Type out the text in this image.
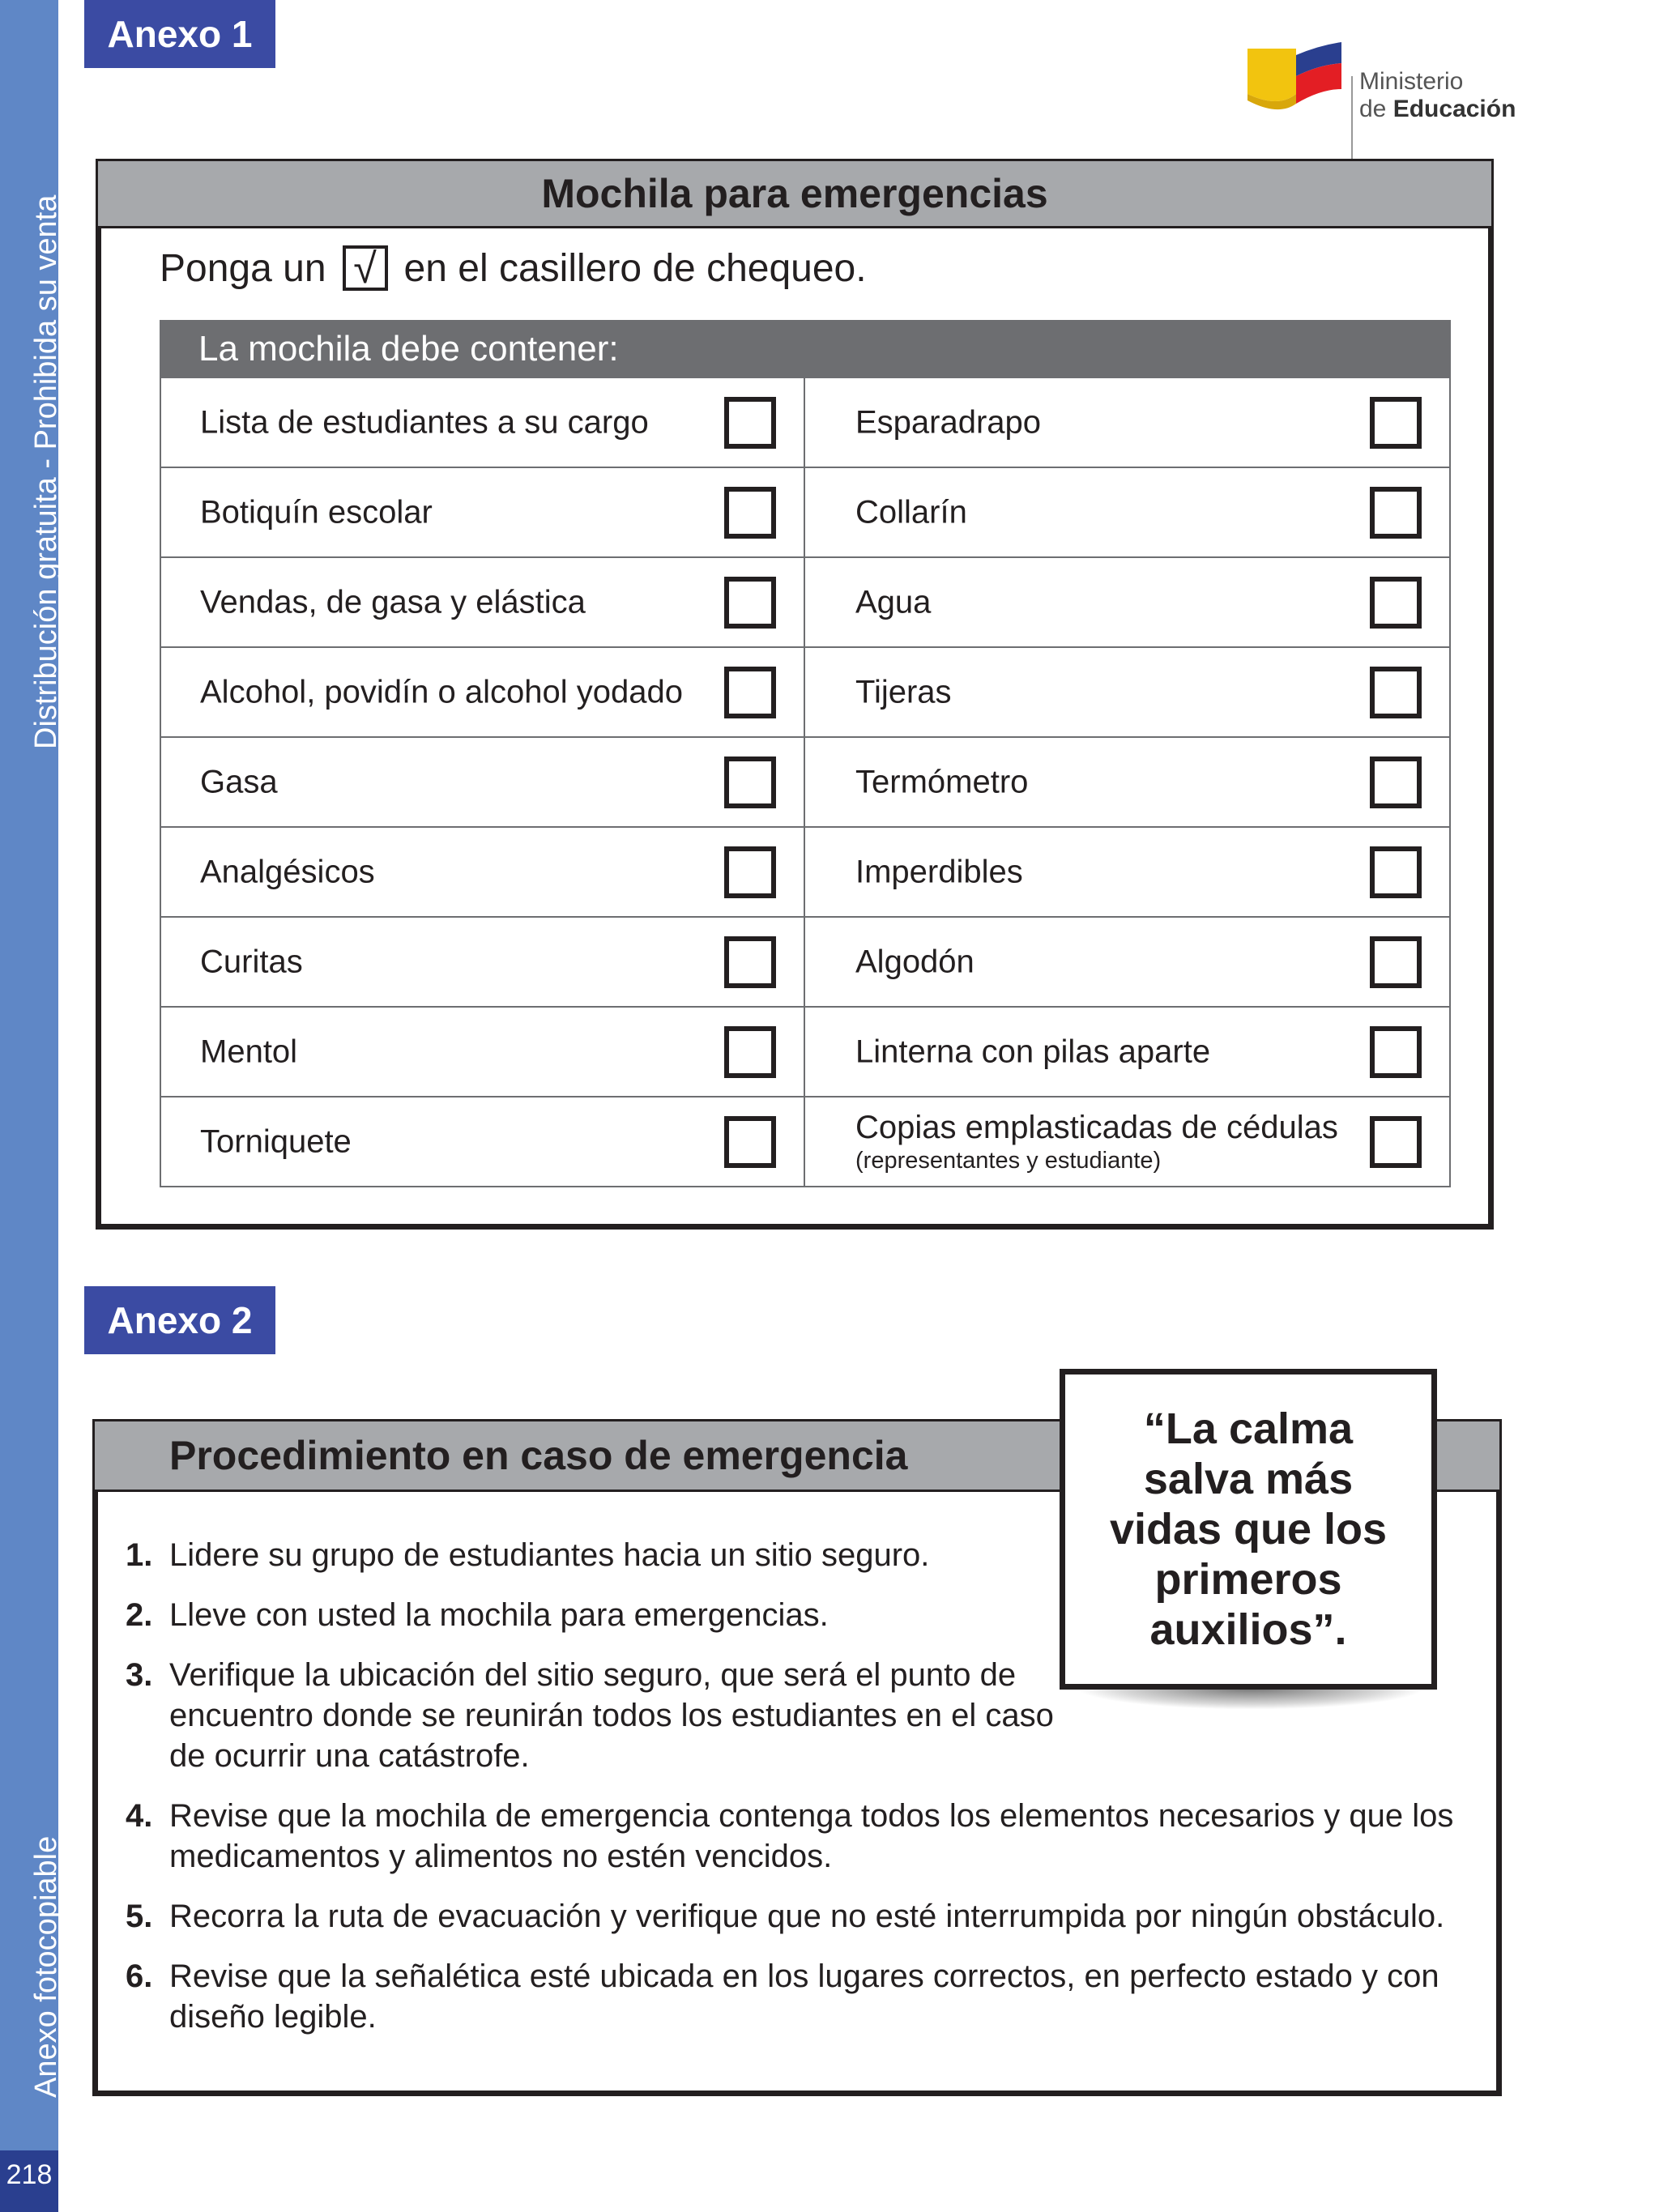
Distribución gratuita - Prohibida su venta
Anexo fotocopiable
218
Anexo 1
Ministerio
de Educación
Mochila para emergencias
Ponga un √ en el casillero de chequeo.
La mochila debe contener:
Lista de estudiantes a su cargo	Esparadrapo
Botiquín escolar	Collarín
Vendas, de gasa y elástica	Agua
Alcohol, povidín o alcohol yodado	Tijeras
Gasa	Termómetro
Analgésicos	Imperdibles
Curitas	Algodón
Mentol	Linterna con pilas aparte
Torniquete	Copias emplasticadas de cédulas
(representantes y estudiante)
Anexo 2
Procedimiento en caso de emergencia
1. Lidere su grupo de estudiantes hacia un sitio seguro.
2. Lleve con usted la mochila para emergencias.
3. Verifique la ubicación del sitio seguro, que será el punto de encuentro donde se reunirán todos los estudiantes en el caso de ocurrir una catástrofe.
4. Revise que la mochila de emergencia contenga todos los elementos necesarios y que los medicamentos y alimentos no estén vencidos.
5. Recorra la ruta de evacuación y verifique que no esté interrumpida por ningún obstáculo.
6. Revise que la señalética esté ubicada en los lugares correctos, en perfecto estado y con diseño legible.
“La calma salva más vidas que los primeros auxilios”.
